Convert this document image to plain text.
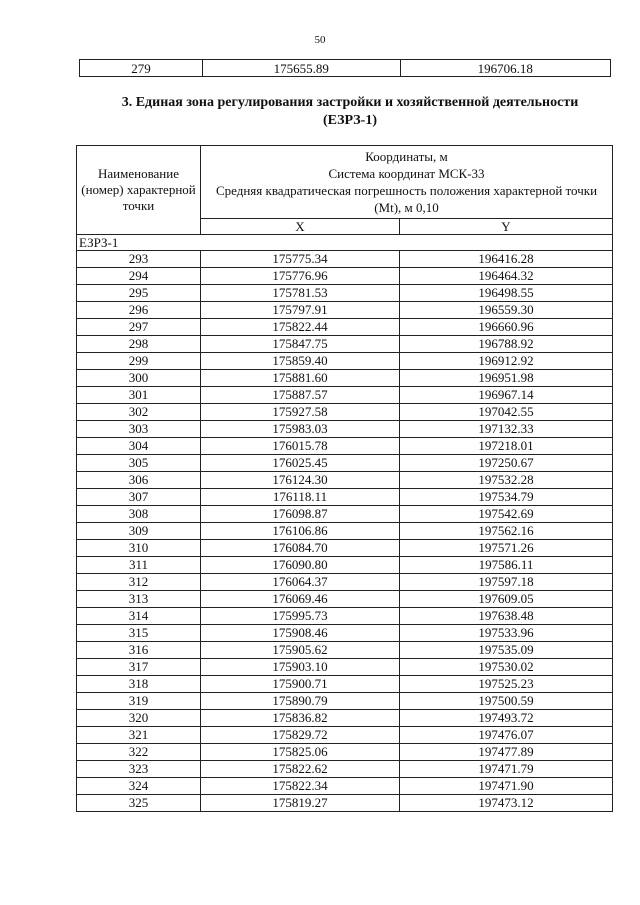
50
279	175655.89	196706.18
3. Единая зона регулирования застройки и хозяйственной деятельности
(ЕЗРЗ-1)
Наименование (номер) характерной точки	Координаты, м
Система координат МСК-33
Средняя квадратическая погрешность положения характерной точки (Mt), м 0,10	

	X	Y
ЕЗРЗ-1		
293	175775.34	196416.28
294	175776.96	196464.32
295	175781.53	196498.55
296	175797.91	196559.30
297	175822.44	196660.96
298	175847.75	196788.92
299	175859.40	196912.92
300	175881.60	196951.98
301	175887.57	196967.14
302	175927.58	197042.55
303	175983.03	197132.33
304	176015.78	197218.01
305	176025.45	197250.67
306	176124.30	197532.28
307	176118.11	197534.79
308	176098.87	197542.69
309	176106.86	197562.16
310	176084.70	197571.26
311	176090.80	197586.11
312	176064.37	197597.18
313	176069.46	197609.05
314	175995.73	197638.48
315	175908.46	197533.96
316	175905.62	197535.09
317	175903.10	197530.02
318	175900.71	197525.23
319	175890.79	197500.59
320	175836.82	197493.72
321	175829.72	197476.07
322	175825.06	197477.89
323	175822.62	197471.79
324	175822.34	197471.90
325	175819.27	197473.12
